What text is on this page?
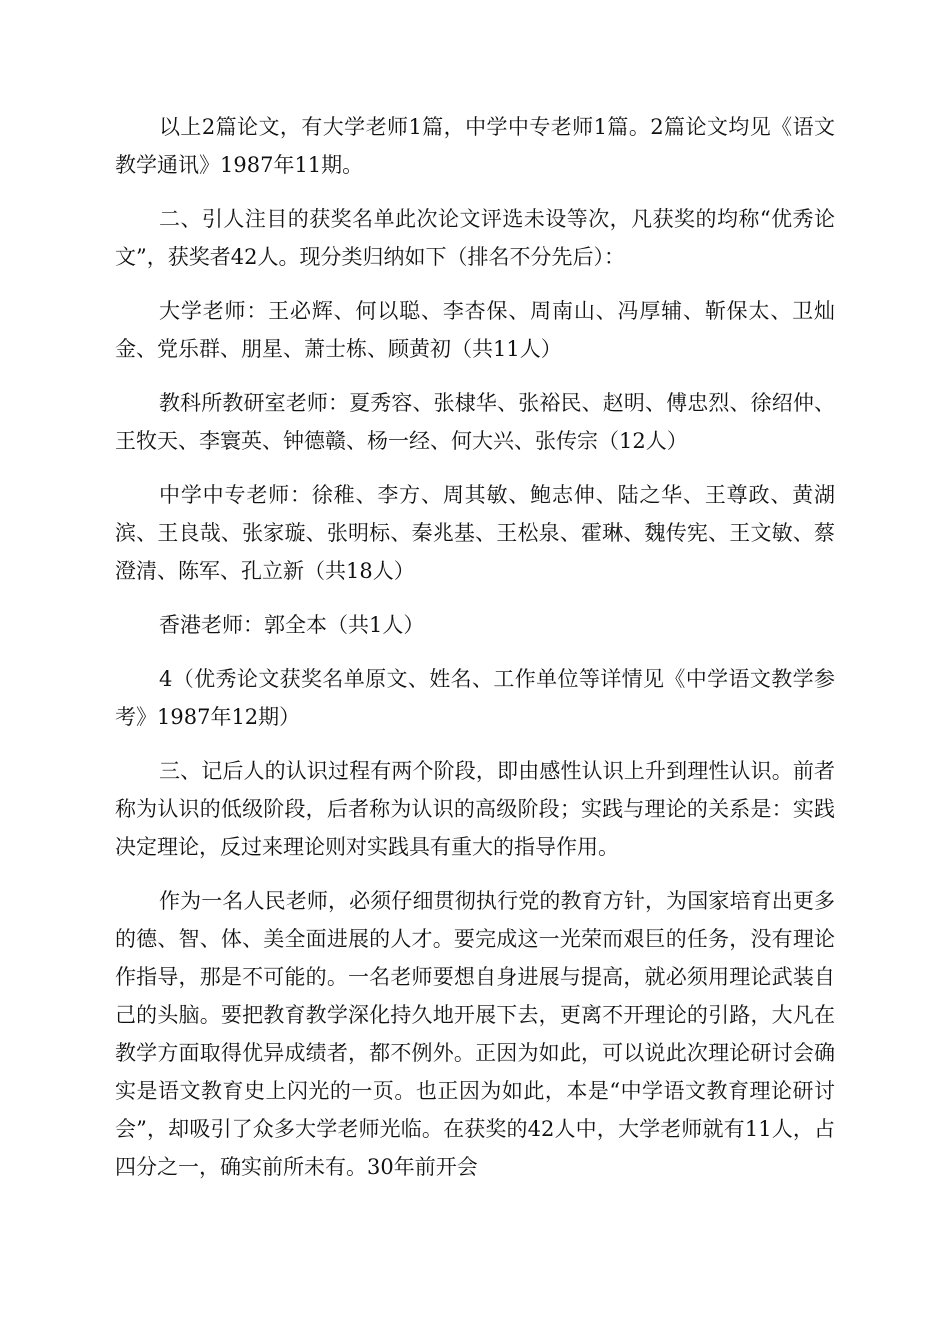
以上2篇论文，有大学老师1篇，中学中专老师1篇。2篇论文均见《语文教学通讯》1987年11期。

二、引人注目的获奖名单此次论文评选未设等次，凡获奖的均称“优秀论文”，获奖者42人。现分类归纳如下（排名不分先后）：

大学老师：王必辉、何以聪、李杏保、周南山、冯厚辅、靳保太、卫灿金、党乐群、朋星、萧士栋、顾黄初（共11人）

教科所教研室老师：夏秀容、张棣华、张裕民、赵明、傅忠烈、徐绍仲、王牧天、李寰英、钟德赣、杨一经、何大兴、张传宗（12人）

中学中专老师：徐稚、李方、周其敏、鲍志伸、陆之华、王尊政、黄湖滨、王良哉、张家璇、张明标、秦兆基、王松泉、霍琳、魏传宪、王文敏、蔡澄清、陈军、孔立新（共18人）

香港老师：郭全本（共1人）

4（优秀论文获奖名单原文、姓名、工作单位等详情见《中学语文教学参考》1987年12期）

三、记后人的认识过程有两个阶段，即由感性认识上升到理性认识。前者称为认识的低级阶段，后者称为认识的高级阶段；实践与理论的关系是：实践决定理论，反过来理论则对实践具有重大的指导作用。

作为一名人民老师，必须仔细贯彻执行党的教育方针，为国家培育出更多的德、智、体、美全面进展的人才。要完成这一光荣而艰巨的任务，没有理论作指导，那是不可能的。一名老师要想自身进展与提高，就必须用理论武装自己的头脑。要把教育教学深化持久地开展下去，更离不开理论的引路，大凡在教学方面取得优异成绩者，都不例外。正因为如此，可以说此次理论研讨会确实是语文教育史上闪光的一页。也正因为如此，本是“中学语文教育理论研讨会”，却吸引了众多大学老师光临。在获奖的42人中，大学老师就有11人，占四分之一，确实前所未有。30年前开会
